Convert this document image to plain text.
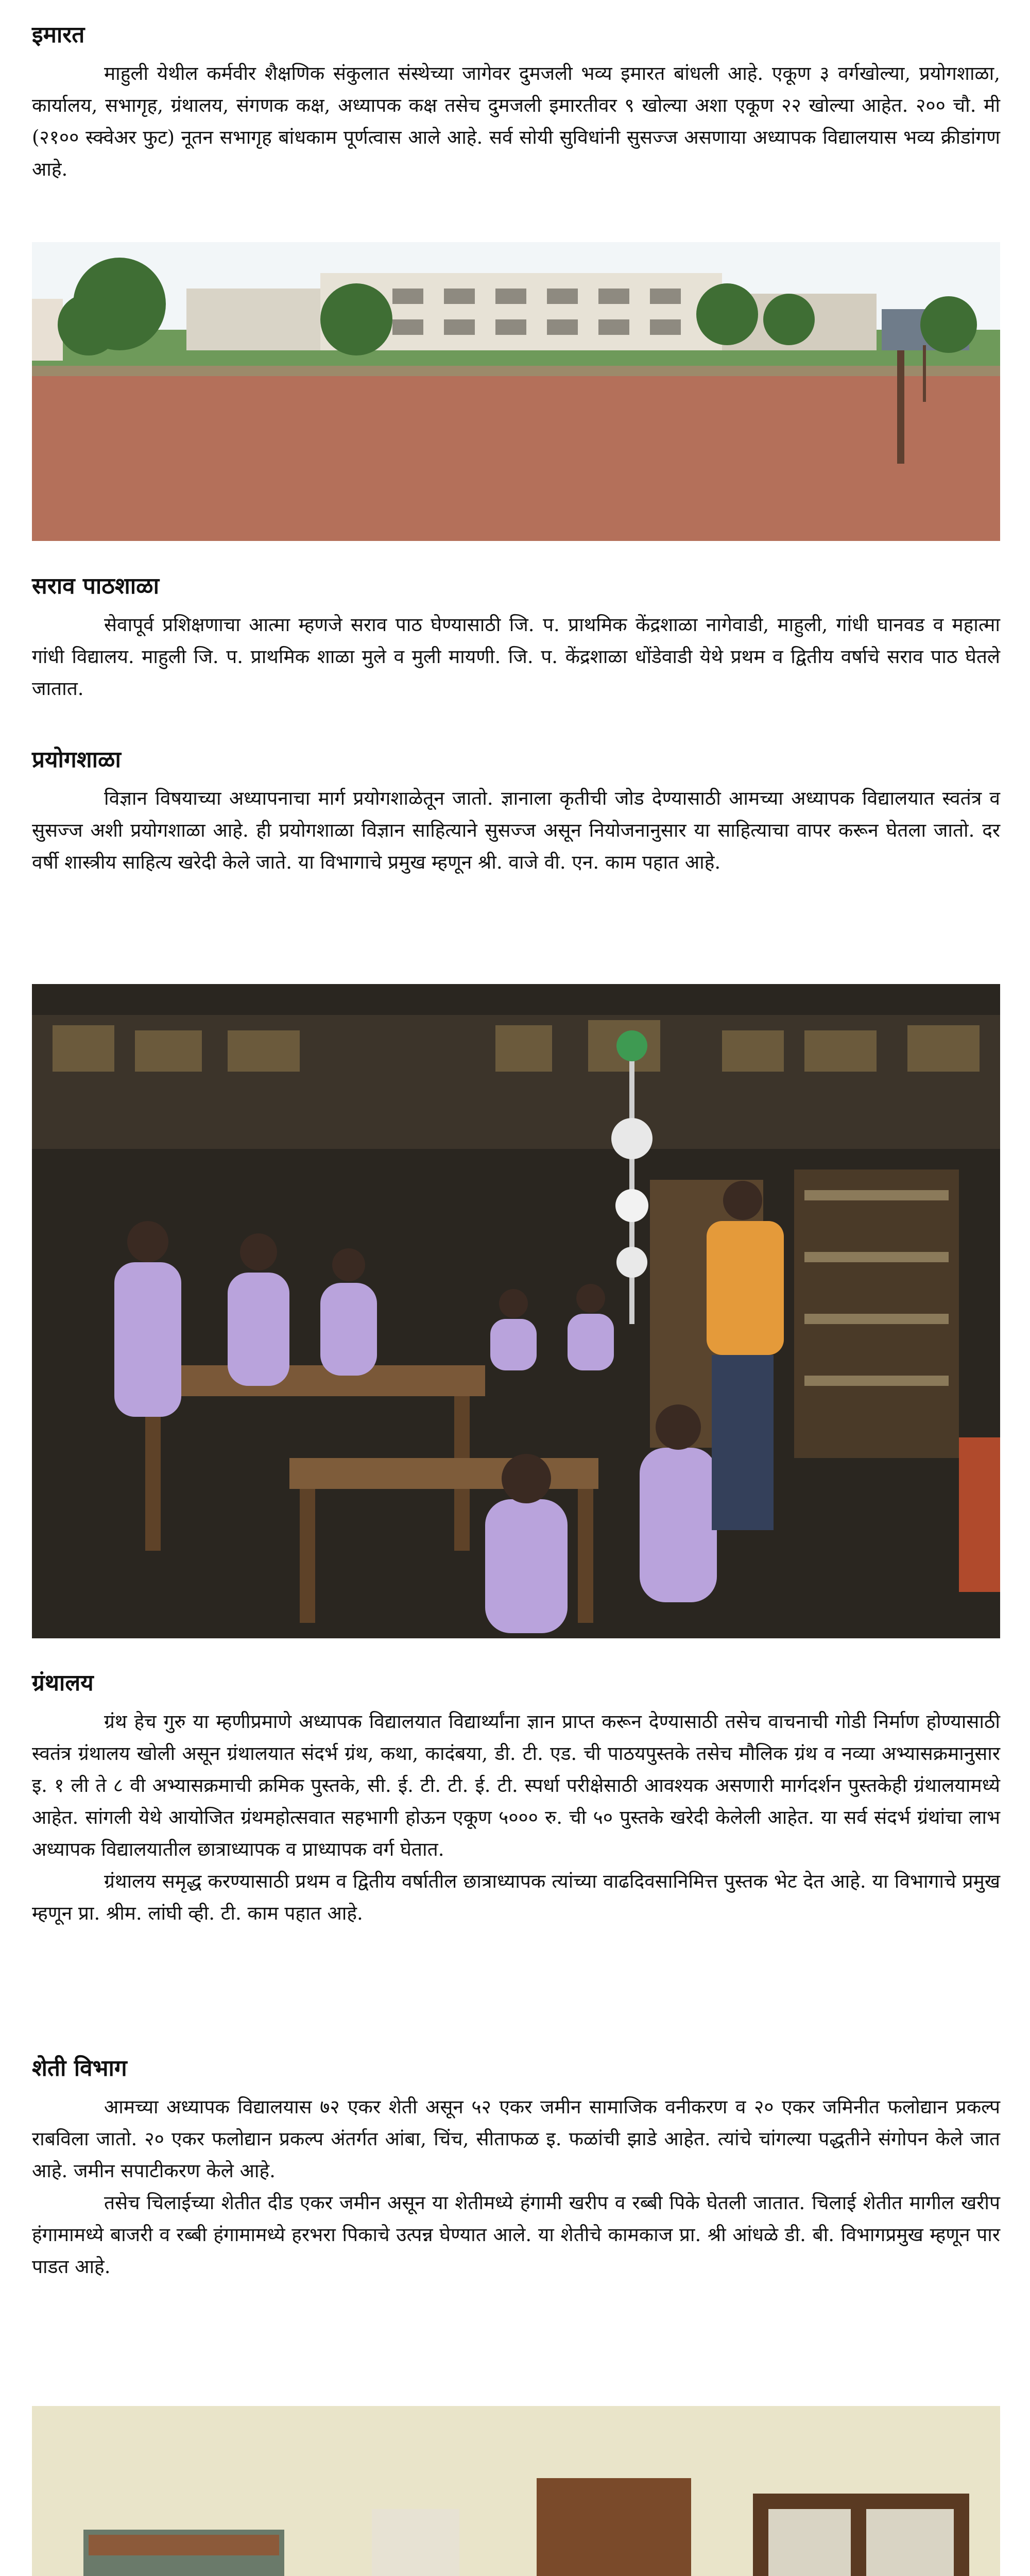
इमारत

माहुली येथील कर्मवीर शैक्षणिक संकुलात संस्थेच्या जागेवर दुमजली भव्य इमारत बांधली आहे. एकूण ३ वर्गखोल्या, प्रयोगशाळा, कार्यालय, सभागृह, ग्रंथालय, संगणक कक्ष, अध्यापक कक्ष तसेच दुमजली इमारतीवर ९ खोल्या अशा एकूण २२ खोल्या आहेत. २०० चौ. मी (२१०० स्क्वेअर फुट) नूतन सभागृह बांधकाम पूर्णत्वास आले आहे. सर्व सोयी सुविधांनी सुसज्ज असणाया अध्यापक विद्यालयास भव्य क्रीडांगण आहे.

सराव पाठशाळा

सेवापूर्व प्रशिक्षणाचा आत्मा म्हणजे सराव पाठ घेण्यासाठी जि. प. प्राथमिक केंद्रशाळा नागेवाडी, माहुली, गांधी घानवड व महात्मा गांधी विद्यालय. माहुली जि. प. प्राथमिक शाळा मुले व मुली मायणी. जि. प. केंद्रशाळा धोंडेवाडी येथे प्रथम व द्वितीय वर्षाचे सराव पाठ घेतले जातात.

प्रयोगशाळा

विज्ञान विषयाच्या अध्यापनाचा मार्ग प्रयोगशाळेतून जातो. ज्ञानाला कृतीची जोड देण्यासाठी आमच्या अध्यापक विद्यालयात स्वतंत्र व सुसज्ज अशी प्रयोगशाळा आहे. ही प्रयोगशाळा विज्ञान साहित्याने सुसज्ज असून नियोजनानुसार या साहित्याचा वापर करून घेतला जातो. दर वर्षी शास्त्रीय साहित्य खरेदी केले जाते. या विभागाचे प्रमुख म्हणून श्री. वाजे वी. एन. काम पहात आहे.

ग्रंथालय

ग्रंथ हेच गुरु या म्हणीप्रमाणे अध्यापक विद्यालयात विद्यार्थ्यांना ज्ञान प्राप्त करून देण्यासाठी तसेच वाचनाची गोडी निर्माण होण्यासाठी स्वतंत्र ग्रंथालय खोली असून ग्रंथालयात संदर्भ ग्रंथ, कथा, कादंबया, डी. टी. एड. ची पाठयपुस्तके तसेच मौलिक ग्रंथ व नव्या अभ्यासक्रमानुसार इ. १ ली ते ८ वी अभ्यासक्रमाची क्रमिक पुस्तके, सी. ई. टी. टी. ई. टी. स्पर्धा परीक्षेसाठी आवश्यक असणारी मार्गदर्शन पुस्तकेही ग्रंथालयामध्ये आहेत. सांगली येथे आयोजित ग्रंथमहोत्सवात सहभागी होऊन एकूण ५००० रु. ची ५० पुस्तके खरेदी केलेली आहेत. या सर्व संदर्भ ग्रंथांचा लाभ अध्यापक विद्यालयातील छात्राध्यापक व प्राध्यापक वर्ग घेतात.

ग्रंथालय समृद्ध करण्यासाठी प्रथम व द्वितीय वर्षातील छात्राध्यापक त्यांच्या वाढदिवसानिमित्त पुस्तक भेट देत आहे. या विभागाचे प्रमुख म्हणून प्रा. श्रीम. लांघी व्ही. टी. काम पहात आहे.

शेती विभाग

आमच्या अध्यापक विद्यालयास ७२ एकर शेती असून ५२ एकर जमीन सामाजिक वनीकरण व २० एकर जमिनीत फलोद्यान प्रकल्प राबविला जातो. २० एकर फलोद्यान प्रकल्प अंतर्गत आंबा, चिंच, सीताफळ इ. फळांची झाडे आहेत. त्यांचे चांगल्या पद्धतीने संगोपन केले जात आहे. जमीन सपाटीकरण केले आहे.

तसेच चिलाईच्या शेतीत दीड एकर जमीन असून या शेतीमध्ये हंगामी खरीप व रब्बी पिके घेतली जातात. चिलाई शेतीत मागील खरीप हंगामामध्ये बाजरी व रब्बी हंगामामध्ये हरभरा पिकाचे उत्पन्न घेण्यात आले. या शेतीचे कामकाज प्रा. श्री आंधळे डी. बी. विभागप्रमुख म्हणून पार पाडत आहे.
